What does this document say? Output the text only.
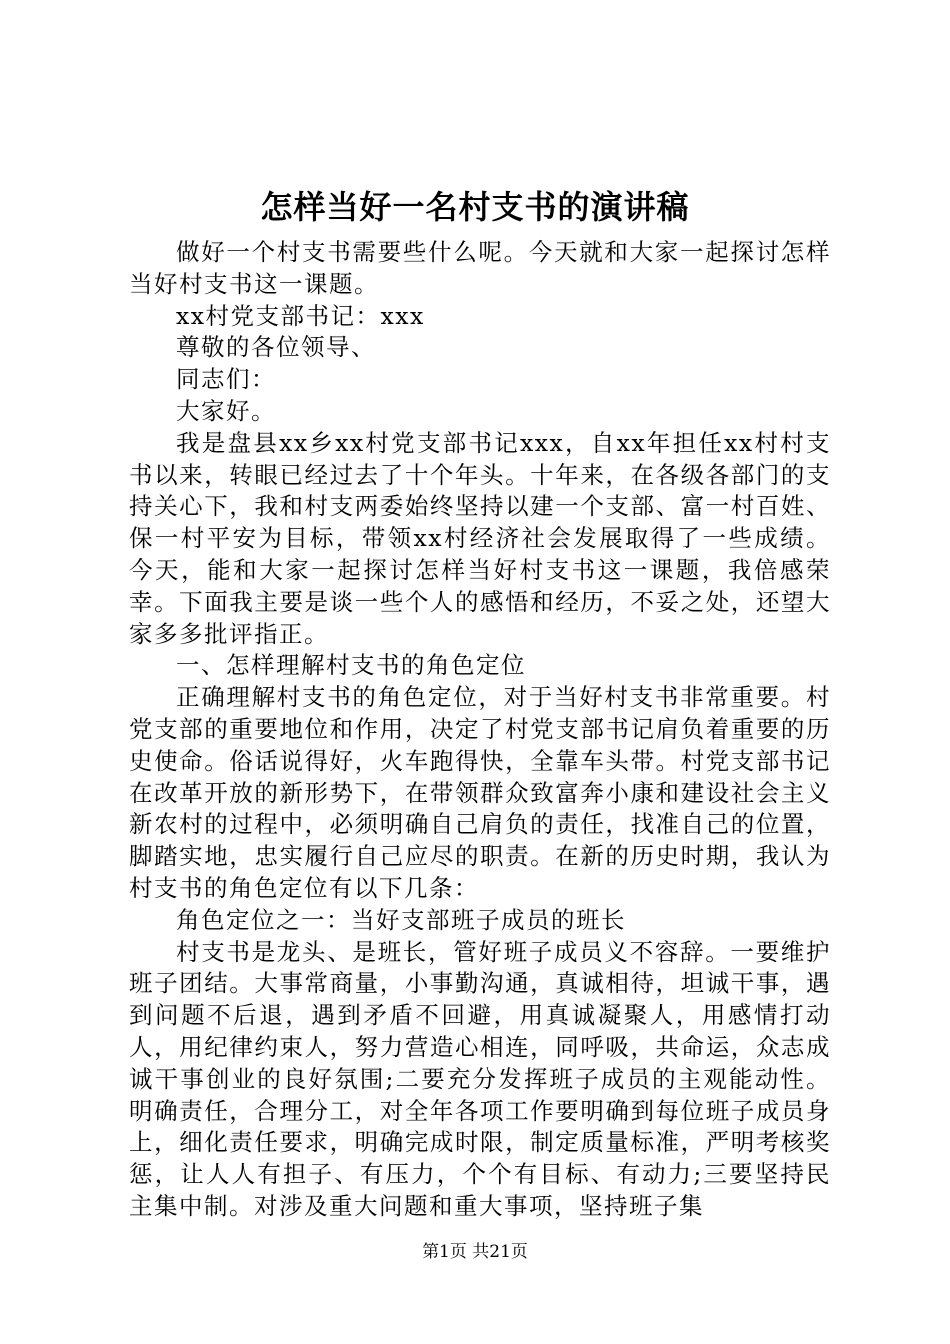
怎样当好一名村支书的演讲稿

做好一个村支书需要些什么呢。今天就和大家一起探讨怎样当好村支书这一课题。

xx村党支部书记：xxx

尊敬的各位领导、

同志们：

大家好。

我是盘县xx乡xx村党支部书记xxx，自xx年担任xx村村支书以来，转眼已经过去了十个年头。十年来，在各级各部门的支持关心下，我和村支两委始终坚持以建一个支部、富一村百姓、保一村平安为目标，带领xx村经济社会发展取得了一些成绩。今天，能和大家一起探讨怎样当好村支书这一课题，我倍感荣幸。下面我主要是谈一些个人的感悟和经历，不妥之处，还望大家多多批评指正。

一、怎样理解村支书的角色定位

正确理解村支书的角色定位，对于当好村支书非常重要。村党支部的重要地位和作用，决定了村党支部书记肩负着重要的历史使命。俗话说得好，火车跑得快，全靠车头带。村党支部书记在改革开放的新形势下，在带领群众致富奔小康和建设社会主义新农村的过程中，必须明确自己肩负的责任，找准自己的位置，脚踏实地，忠实履行自己应尽的职责。在新的历史时期，我认为村支书的角色定位有以下几条：

角色定位之一：当好支部班子成员的班长

村支书是龙头、是班长，管好班子成员义不容辞。一要维护班子团结。大事常商量，小事勤沟通，真诚相待，坦诚干事，遇到问题不后退，遇到矛盾不回避，用真诚凝聚人，用感情打动人，用纪律约束人，努力营造心相连，同呼吸，共命运，众志成诚干事创业的良好氛围;二要充分发挥班子成员的主观能动性。明确责任，合理分工，对全年各项工作要明确到每位班子成员身上，细化责任要求，明确完成时限，制定质量标准，严明考核奖惩，让人人有担子、有压力，个个有目标、有动力;三要坚持民主集中制。对涉及重大问题和重大事项，坚持班子集

第1页 共21页
